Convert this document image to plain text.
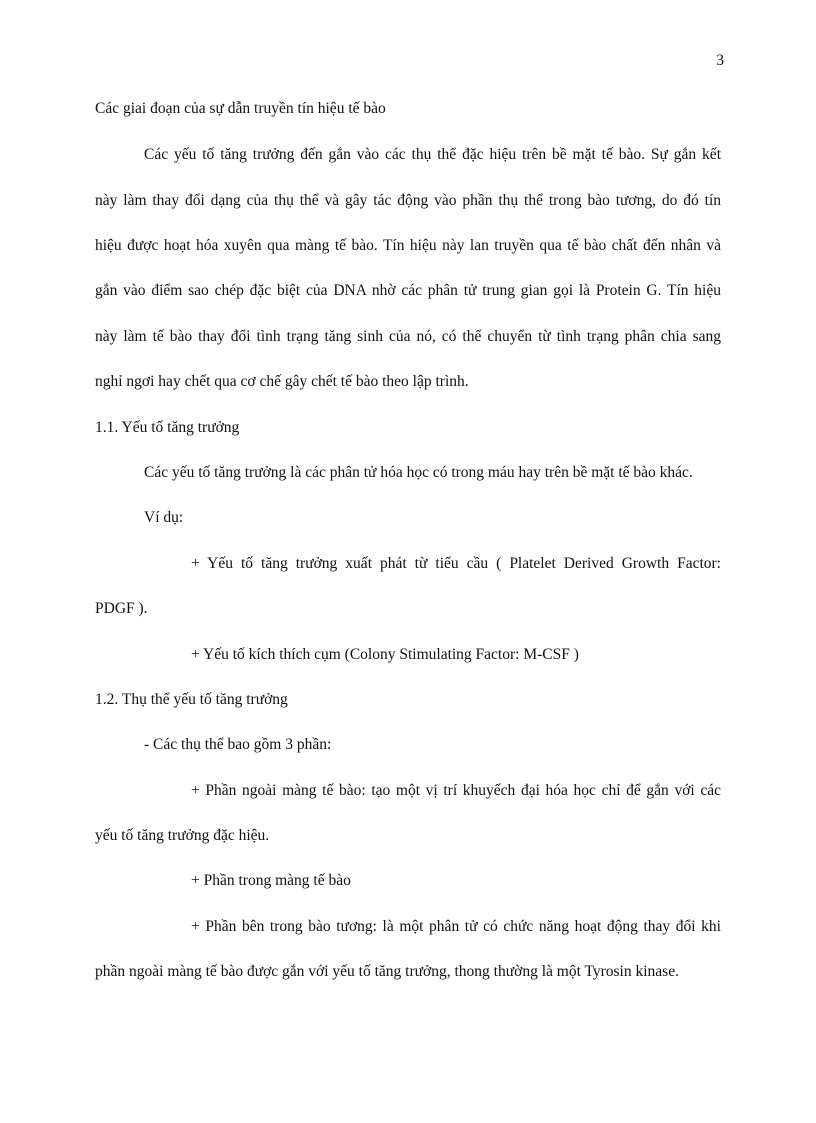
3
Các giai đoạn của sự dẫn truyền tín hiệu tế bào
Các yếu tố tăng trưởng đến gắn vào các thụ thể đặc hiệu trên bề mặt tế bào. Sự gắn kết
này làm thay đổi dạng của thụ thể và gây tác động vào phần thụ thể trong bào tương, do đó tín
hiệu được hoạt hóa xuyên qua màng tế bào. Tín hiệu này lan truyền qua tế bào chất đến nhân và
gắn vào điểm sao chép đặc biệt của DNA nhờ các phân tử trung gian gọi là Protein G. Tín hiệu
này làm tế bào thay đổi tình trạng tăng sinh của nó, có thể chuyển từ tình trạng phân chia sang
nghỉ ngơi hay chết qua cơ chế gây chết tế bào theo lập trình.
1.1. Yếu tố tăng trưởng
Các yếu tố tăng trưởng là các phân tử hóa học có trong máu hay trên bề mặt tế bào khác.
Ví dụ:
+ Yếu tố tăng trưởng xuất phát từ tiểu cầu ( Platelet Derived Growth Factor:
PDGF ).
+ Yếu tố kích thích cụm (Colony Stimulating Factor: M-CSF )
1.2. Thụ thể yếu tố tăng trưởng
- Các thụ thể bao gồm 3 phần:
+ Phần ngoài màng tế bào: tạo một vị trí khuyếch đại hóa học chỉ để gắn với các
yếu tố tăng trưởng đặc hiệu.
+ Phần trong màng tế bào
+ Phần bên trong bào tương: là một phân tử có chức năng hoạt động thay đổi khi
phần ngoài màng tế bào được gắn với yếu tố tăng trưởng, thong thường là một Tyrosin kinase.
